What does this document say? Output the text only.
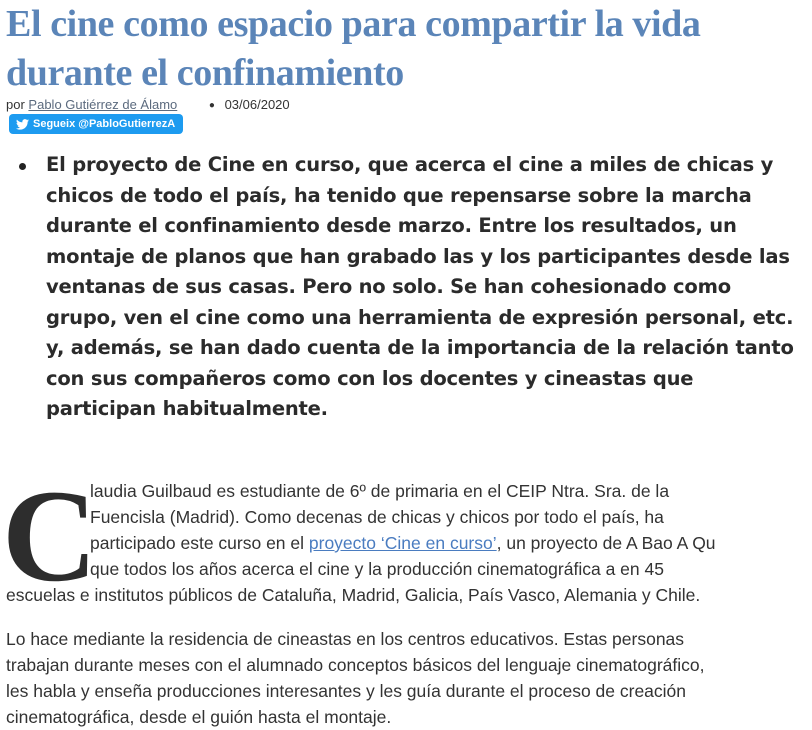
El cine como espacio para compartir la vida durante el confinamiento
por Pablo Gutiérrez de Álamo	● 03/06/2020
Segueix @PabloGutierrezA
El proyecto de Cine en curso, que acerca el cine a miles de chicas y chicos de todo el país, ha tenido que repensarse sobre la marcha durante el confinamiento desde marzo. Entre los resultados, un montaje de planos que han grabado las y los participantes desde las ventanas de sus casas. Pero no solo. Se han cohesionado como grupo, ven el cine como una herramienta de expresión personal, etc. y, además, se han dado cuenta de la importancia de la relación tanto con sus compañeros como con los docentes y cineastas que participan habitualmente.
C
laudia Guilbaud es estudiante de 6º de primaria en el CEIP Ntra. Sra. de la
Fuencisla (Madrid). Como decenas de chicas y chicos por todo el país, ha
participado este curso en el proyecto ‘Cine en curso’, un proyecto de A Bao A Qu
que todos los años acerca el cine y la producción cinematográfica a en 45
escuelas e institutos públicos de Cataluña, Madrid, Galicia, País Vasco, Alemania y Chile.
Lo hace mediante la residencia de cineastas en los centros educativos. Estas personas
trabajan durante meses con el alumnado conceptos básicos del lenguaje cinematográfico,
les habla y enseña producciones interesantes y les guía durante el proceso de creación
cinematográfica, desde el guión hasta el montaje.
